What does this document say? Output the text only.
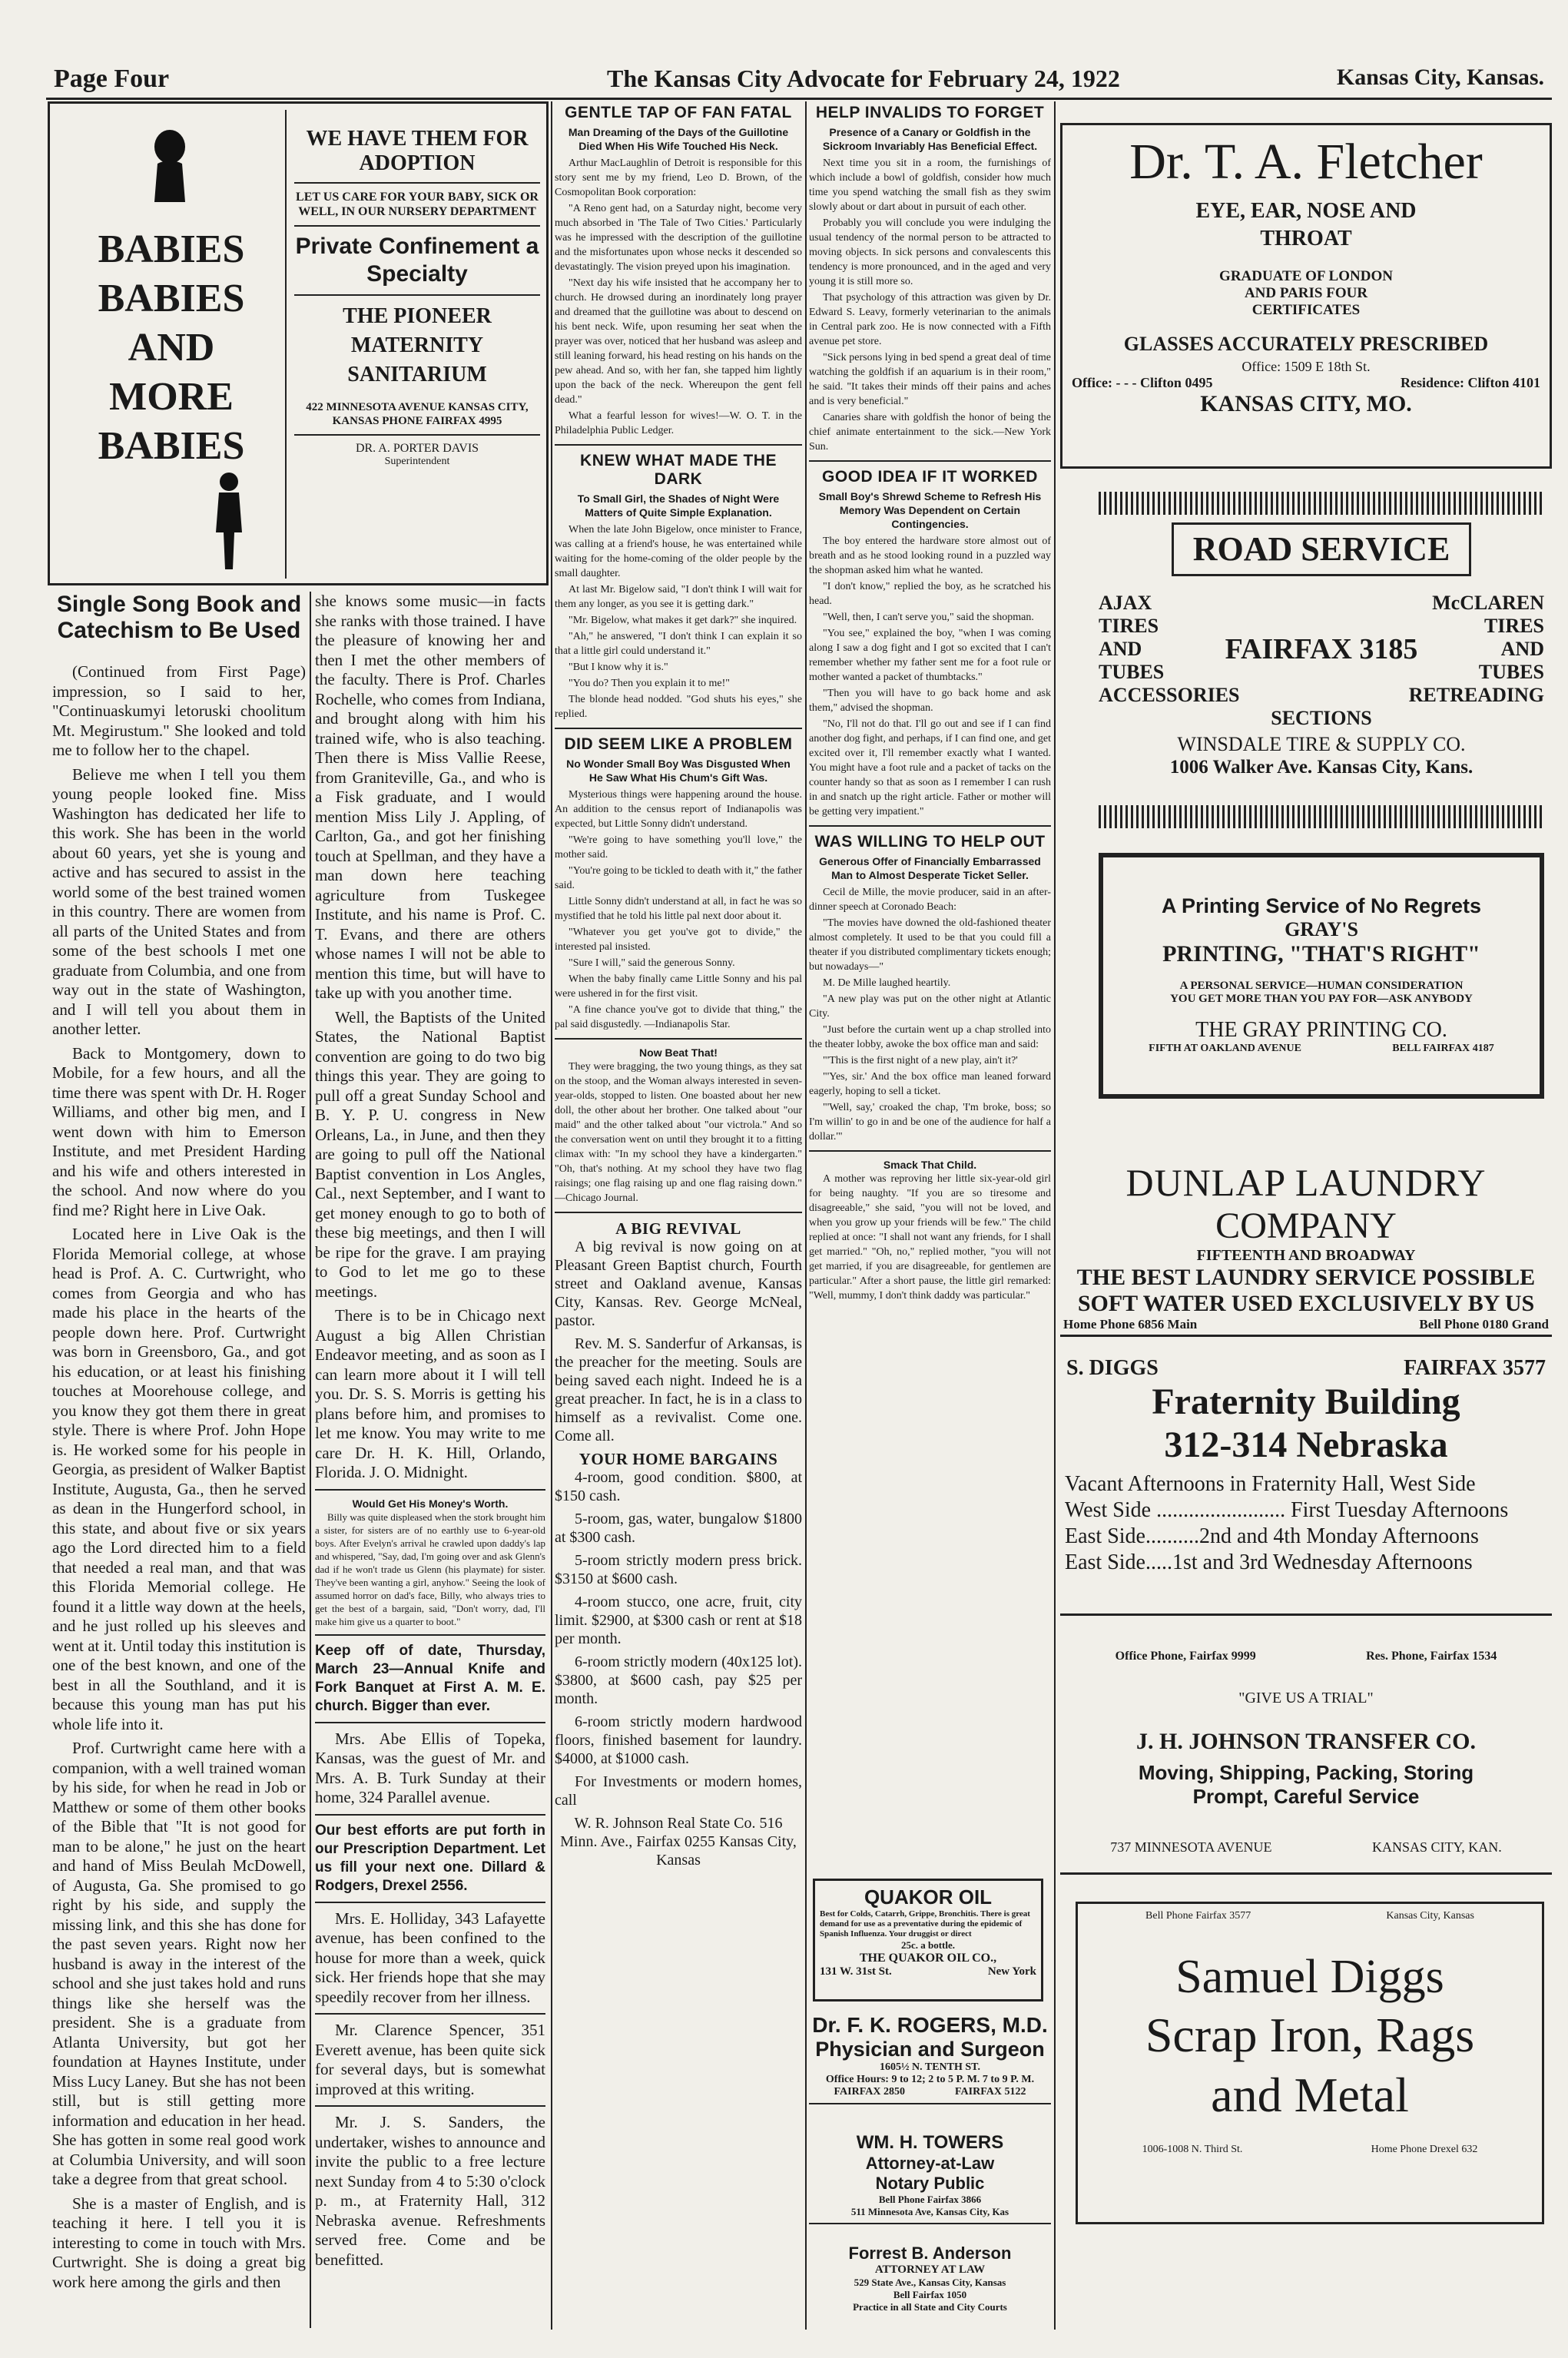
Page Four	The Kansas City Advocate for February 24, 1922	Kansas City, Kansas.
BABIES
BABIES
AND
MORE
BABIES
WE HAVE THEM FOR ADOPTION
LET US CARE FOR YOUR BABY, SICK OR WELL, IN OUR NURSERY DEPARTMENT
Private Confinement a Specialty
THE PIONEER MATERNITY SANITARIUM
422 MINNESOTA AVENUE KANSAS CITY, KANSAS PHONE FAIRFAX 4995
DR. A. PORTER DAVIS
Superintendent
Single Song Book and Catechism to Be Used

(Continued from First Page) impression, so I said to her, "Continuaskumyi letoruski choolitum Mt. Megirustum." She looked and told me to follow her to the chapel.

Believe me when I tell you them young people looked fine. Miss Washington has dedicated her life to this work. She has been in the world about 60 years, yet she is young and active and has secured to assist in the world some of the best trained women in this country. There are women from all parts of the United States and from some of the best schools I met one graduate from Columbia, and one from way out in the state of Washington, and I will tell you about them in another letter.

Back to Montgomery, down to Mobile, for a few hours, and all the time there was spent with Dr. H. Roger Williams, and other big men, and I went down with him to Emerson Institute, and met President Harding and his wife and others interested in the school. And now where do you find me? Right here in Live Oak.

Located here in Live Oak is the Florida Memorial college, at whose head is Prof. A. C. Curtwright, who comes from Georgia and who has made his place in the hearts of the people down here. Prof. Curtwright was born in Greensboro, Ga., and got his education, or at least his finishing touches at Moorehouse college, and you know they got them there in great style. There is where Prof. John Hope is. He worked some for his people in Georgia, as president of Walker Baptist Institute, Augusta, Ga., then he served as dean in the Hungerford school, in this state, and about five or six years ago the Lord directed him to a field that needed a real man, and that was this Florida Memorial college. He found it a little way down at the heels, and he just rolled up his sleeves and went at it. Until today this institution is one of the best known, and one of the best in all the Southland, and it is because this young man has put his whole life into it.

Prof. Curtwright came here with a companion, with a well trained woman by his side, for when he read in Job or Matthew or some of them other books of the Bible that "It is not good for man to be alone," he just on the heart and hand of Miss Beulah McDowell, of Augusta, Ga. She promised to go right by his side, and supply the missing link, and this she has done for the past seven years. Right now her husband is away in the interest of the school and she just takes hold and runs things like she herself was the president. She is a graduate from Atlanta University, but got her foundation at Haynes Institute, under Miss Lucy Laney. But she has not been still, but is still getting more information and education in her head. She has gotten in some real good work at Columbia University, and will soon take a degree from that great school.

She is a master of English, and is teaching it here. I tell you it is interesting to come in touch with Mrs. Curtwright. She is doing a great big work here among the girls and then

she knows some music—in facts she ranks with those trained. I have the pleasure of knowing her and then I met the other members of the faculty. There is Prof. Charles Rochelle, who comes from Indiana, and brought along with him his trained wife, who is also teaching. Then there is Miss Vallie Reese, from Graniteville, Ga., and who is a Fisk graduate, and I would mention Miss Lily J. Appling, of Carlton, Ga., and got her finishing touch at Spellman, and they have a man down here teaching agriculture from Tuskegee Institute, and his name is Prof. C. T. Evans, and there are others whose names I will not be able to mention this time, but will have to take up with you another time.

Well, the Baptists of the United States, the National Baptist convention are going to do two big things this year. They are going to pull off a great Sunday School and B. Y. P. U. congress in New Orleans, La., in June, and then they are going to pull off the National Baptist convention in Los Angles, Cal., next September, and I want to get money enough to go to both of these big meetings, and then I will be ripe for the grave. I am praying to God to let me go to these meetings.

There is to be in Chicago next August a big Allen Christian Endeavor meeting, and as soon as I can learn more about it I will tell you. Dr. S. S. Morris is getting his plans before him, and promises to let me know. You may write to me care Dr. H. K. Hill, Orlando, Florida. J. O. Midnight.

Would Get His Money's Worth.
Billy was quite displeased when the stork brought him a sister, for sisters are of no earthly use to 6-year-old boys. After Evelyn's arrival he crawled upon daddy's lap and whispered, "Say, dad, I'm going over and ask Glenn's dad if he won't trade us Glenn (his playmate) for sister. They've been wanting a girl, anyhow." Seeing the look of assumed horror on dad's face, Billy, who always tries to get the best of a bargain, said, "Don't worry, dad, I'll make him give us a quarter to boot."
Keep off of date, Thursday, March 23—Annual Knife and Fork Banquet at First A. M. E. church. Bigger than ever.

Mrs. Abe Ellis of Topeka, Kansas, was the guest of Mr. and Mrs. A. B. Turk Sunday at their home, 324 Parallel avenue.

Our best efforts are put forth in our Prescription Department. Let us fill your next one. Dillard & Rodgers, Drexel 2556.

Mrs. E. Holliday, 343 Lafayette avenue, has been confined to the house for more than a week, quick sick. Her friends hope that she may speedily recover from her illness.

Mr. Clarence Spencer, 351 Everett avenue, has been quite sick for several days, but is somewhat improved at this writing.

Mr. J. S. Sanders, the undertaker, wishes to announce and invite the public to a free lecture next Sunday from 4 to 5:30 o'clock p. m., at Fraternity Hall, 312 Nebraska avenue. Refreshments served free. Come and be benefitted.

GENTLE TAP OF FAN FATAL
Man Dreaming of the Days of the Guillotine Died When His Wife Touched His Neck.

Arthur MacLaughlin of Detroit is responsible for this story sent me by my friend, Leo D. Brown, of the Cosmopolitan Book corporation:

"A Reno gent had, on a Saturday night, become very much absorbed in 'The Tale of Two Cities.' Particularly was he impressed with the description of the guillotine and the misfortunates upon whose necks it descended so devastatingly. The vision preyed upon his imagination.

"Next day his wife insisted that he accompany her to church. He drowsed during an inordinately long prayer and dreamed that the guillotine was about to descend on his bent neck. Wife, upon resuming her seat when the prayer was over, noticed that her husband was asleep and still leaning forward, his head resting on his hands on the pew ahead. And so, with her fan, she tapped him lightly upon the back of the neck. Whereupon the gent fell dead."

What a fearful lesson for wives!—W. O. T. in the Philadelphia Public Ledger.

KNEW WHAT MADE THE DARK
To Small Girl, the Shades of Night Were Matters of Quite Simple Explanation.

When the late John Bigelow, once minister to France, was calling at a friend's house, he was entertained while waiting for the home-coming of the older people by the small daughter.

At last Mr. Bigelow said, "I don't think I will wait for them any longer, as you see it is getting dark."

"Mr. Bigelow, what makes it get dark?" she inquired.

"Ah," he answered, "I don't think I can explain it so that a little girl could understand it."

"But I know why it is."

"You do? Then you explain it to me!"

The blonde head nodded. "God shuts his eyes," she replied.

DID SEEM LIKE A PROBLEM
No Wonder Small Boy Was Disgusted When He Saw What His Chum's Gift Was.

Mysterious things were happening around the house. An addition to the census report of Indianapolis was expected, but Little Sonny didn't understand.

"We're going to have something you'll love," the mother said.

"You're going to be tickled to death with it," the father said.

Little Sonny didn't understand at all, in fact he was so mystified that he told his little pal next door about it.

"Whatever you get you've got to divide," the interested pal insisted.

"Sure I will," said the generous Sonny.

When the baby finally came Little Sonny and his pal were ushered in for the first visit.

"A fine chance you've got to divide that thing," the pal said disgustedly. —Indianapolis Star.

Now Beat That!
They were bragging, the two young things, as they sat on the stoop, and the Woman always interested in seven-year-olds, stopped to listen. One boasted about her new doll, the other about her brother. One talked about "our maid" and the other talked about "our victrola." And so the conversation went on until they brought it to a fitting climax with: "In my school they have a kindergarten." "Oh, that's nothing. At my school they have two flag raisings; one flag raising up and one flag raising down." —Chicago Journal.
A BIG REVIVAL

A big revival is now going on at Pleasant Green Baptist church, Fourth street and Oakland avenue, Kansas City, Kansas. Rev. George McNeal, pastor.

Rev. M. S. Sanderfur of Arkansas, is the preacher for the meeting. Souls are being saved each night. Indeed he is a great preacher. In fact, he is in a class to himself as a revivalist. Come one. Come all.

YOUR HOME BARGAINS

4-room, good condition. $800, at $150 cash.

5-room, gas, water, bungalow $1800 at $300 cash.

5-room strictly modern press brick. $3150 at $600 cash.

4-room stucco, one acre, fruit, city limit. $2900, at $300 cash or rent at $18 per month.

6-room strictly modern (40x125 lot). $3800, at $600 cash, pay $25 per month.

6-room strictly modern hardwood floors, finished basement for laundry. $4000, at $1000 cash.

For Investments or modern homes, call

W. R. Johnson Real State Co. 516 Minn. Ave., Fairfax 0255 Kansas City, Kansas
HELP INVALIDS TO FORGET
Presence of a Canary or Goldfish in the Sickroom Invariably Has Beneficial Effect.

Next time you sit in a room, the furnishings of which include a bowl of goldfish, consider how much time you spend watching the small fish as they swim slowly about or dart about in pursuit of each other.

Probably you will conclude you were indulging the usual tendency of the normal person to be attracted to moving objects. In sick persons and convalescents this tendency is more pronounced, and in the aged and very young it is still more so.

That psychology of this attraction was given by Dr. Edward S. Leavy, formerly veterinarian to the animals in Central park zoo. He is now connected with a Fifth avenue pet store.

"Sick persons lying in bed spend a great deal of time watching the goldfish if an aquarium is in their room," he said. "It takes their minds off their pains and aches and is very beneficial."

Canaries share with goldfish the honor of being the chief animate entertainment to the sick.—New York Sun.

GOOD IDEA IF IT WORKED
Small Boy's Shrewd Scheme to Refresh His Memory Was Dependent on Certain Contingencies.

The boy entered the hardware store almost out of breath and as he stood looking round in a puzzled way the shopman asked him what he wanted.

"I don't know," replied the boy, as he scratched his head.

"Well, then, I can't serve you," said the shopman.

"You see," explained the boy, "when I was coming along I saw a dog fight and I got so excited that I can't remember whether my father sent me for a foot rule or mother wanted a packet of thumbtacks."

"Then you will have to go back home and ask them," advised the shopman.

"No, I'll not do that. I'll go out and see if I can find another dog fight, and perhaps, if I can find one, and get excited over it, I'll remember exactly what I wanted. You might have a foot rule and a packet of tacks on the counter handy so that as soon as I remember I can rush in and snatch up the right article. Father or mother will be getting very impatient."

WAS WILLING TO HELP OUT
Generous Offer of Financially Embarrassed Man to Almost Desperate Ticket Seller.

Cecil de Mille, the movie producer, said in an after-dinner speech at Coronado Beach:

"The movies have downed the old-fashioned theater almost completely. It used to be that you could fill a theater if you distributed complimentary tickets enough; but nowadays—"

M. De Mille laughed heartily.

"A new play was put on the other night at Atlantic City.

"Just before the curtain went up a chap strolled into the theater lobby, awoke the box office man and said:

"'This is the first night of a new play, ain't it?'

"'Yes, sir.' And the box office man leaned forward eagerly, hoping to sell a ticket.

"'Well, say,' croaked the chap, 'I'm broke, boss; so I'm willin' to go in and be one of the audience for half a dollar.'"

Smack That Child.
A mother was reproving her little six-year-old girl for being naughty. "If you are so tiresome and disagreeable," she said, "you will not be loved, and when you grow up your friends will be few." The child replied at once: "I shall not want any friends, for I shall get married." "Oh, no," replied mother, "you will not get married, if you are disagreeable, for gentlemen are particular." After a short pause, the little girl remarked: "Well, mummy, I don't think daddy was particular."
QUAKOR OIL
Best for Colds, Catarrh, Grippe, Bronchitis. There is great demand for use as a preventative during the epidemic of Spanish Influenza. Your druggist or direct
25c. a bottle.
THE QUAKOR OIL CO.,
131 W. 31st St.	New York
Dr. F. K. ROGERS, M.D.
Physician and Surgeon
1605½ N. TENTH ST.
Office Hours: 9 to 12; 2 to 5 P. M. 7 to 9 P. M.
FAIRFAX 2850	FAIRFAX 5122
WM. H. TOWERS
Attorney-at-Law
Notary Public
Bell Phone Fairfax 3866
511 Minnesota Ave, Kansas City, Kas
Forrest B. Anderson
ATTORNEY AT LAW
529 State Ave., Kansas City, Kansas
Bell Fairfax 1050
Practice in all State and City Courts
Dr. T. A. Fletcher
EYE, EAR, NOSE AND THROAT
GRADUATE OF LONDON AND PARIS FOUR CERTIFICATES
GLASSES ACCURATELY PRESCRIBED
Office: 1509 E 18th St.
Office: - - - Clifton 0495	Residence: Clifton 4101
KANSAS CITY, MO.
ROAD SERVICE
AJAX	McCLAREN
TIRES	TIRES
AND	FAIRFAX 3185	AND
TUBES	TUBES
ACCESSORIES	RETREADING
SECTIONS
WINSDALE TIRE & SUPPLY CO.
1006 Walker Ave. Kansas City, Kans.
A Printing Service of No Regrets
GRAY'S
PRINTING, "THAT'S RIGHT"
A PERSONAL SERVICE—HUMAN CONSIDERATION
YOU GET MORE THAN YOU PAY FOR—ASK ANYBODY
THE GRAY PRINTING CO.
FIFTH AT OAKLAND AVENUE	BELL FAIRFAX 4187
DUNLAP LAUNDRY
COMPANY
FIFTEENTH AND BROADWAY
THE BEST LAUNDRY SERVICE POSSIBLE
SOFT WATER USED EXCLUSIVELY BY US
Home Phone 6856 Main	Bell Phone 0180 Grand
S. DIGGS	FAIRFAX 3577
Fraternity Building
312-314 Nebraska
Vacant Afternoons in Fraternity Hall, West Side
West Side ........................ First Tuesday Afternoons
East Side..........2nd and 4th Monday Afternoons
East Side.....1st and 3rd Wednesday Afternoons
Office Phone, Fairfax 9999	Res. Phone, Fairfax 1534
"GIVE US A TRIAL"
J. H. JOHNSON TRANSFER CO.
Moving, Shipping, Packing, Storing
Prompt, Careful Service
737 MINNESOTA AVENUE	KANSAS CITY, KAN.
Bell Phone Fairfax 3577	Kansas City, Kansas
Samuel Diggs
Scrap Iron, Rags
and Metal
1006-1008 N. Third St.	Home Phone Drexel 632
